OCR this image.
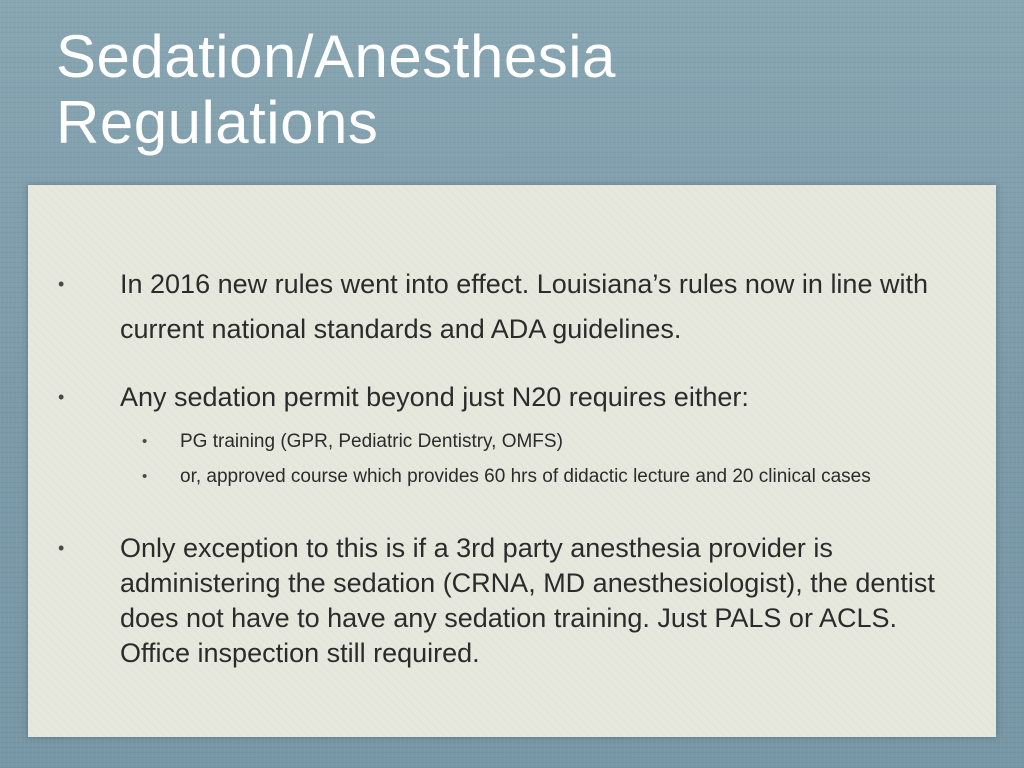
Sedation/Anesthesia
Regulations
• In 2016 new rules went into effect. Louisiana’s rules now in line with current national standards and ADA guidelines.
• Any sedation permit beyond just N20 requires either:
• PG training (GPR, Pediatric Dentistry, OMFS)
• or, approved course which provides 60 hrs of didactic lecture and 20 clinical cases
• Only exception to this is if a 3rd party anesthesia provider is administering the sedation (CRNA, MD anesthesiologist), the dentist does not have to have any sedation training. Just PALS or ACLS. Office inspection still required.
